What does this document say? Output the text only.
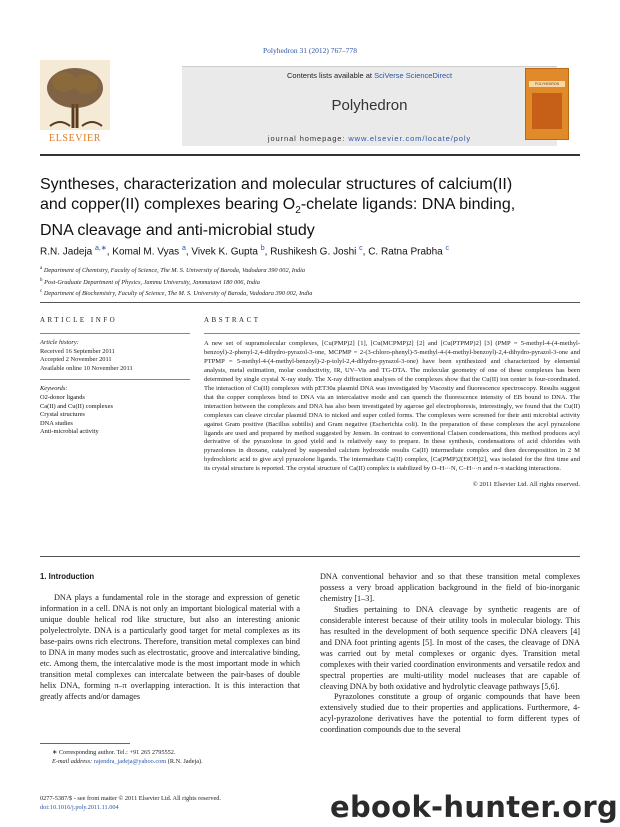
Polyhedron 31 (2012) 767–778
ELSEVIER
Contents lists available at SciVerse ScienceDirect
Polyhedron
journal homepage: www.elsevier.com/locate/poly
POLYHEDRON
Syntheses, characterization and molecular structures of calcium(II)
and copper(II) complexes bearing $O_2$-chelate ligands: DNA binding,
DNA cleavage and anti-microbial study
R.N. Jadeja $^{a,∗}$, Komal M. Vyas $^a$, Vivek K. Gupta $^b$, Rushikesh G. Joshi $^c$, C. Ratna Prabha $^c$
$^a$ Department of Chemistry, Faculty of Science, The M. S. University of Baroda, Vadodara 390 002, India
$^b$ Post-Graduate Department of Physics, Jammu University, Jammutawi 180 006, India
$^c$ Department of Biochemistry, Faculty of Science, The M. S. University of Baroda, Vadodara 390 002, India
ARTICLE INFO
Article history:
Received 16 September 2011
Accepted 2 November 2011
Available online 10 November 2011
Keywords:
O2-donor ligands
Ca(II) and Cu(II) complexes
Crystal structures
DNA studies
Anti-microbial activity
ABSTRACT
A new set of supramolecular complexes, [Cu(PMP)2] [1], [Cu(MCPMP)2] [2] and [Cu(PTPMP)2] [3] (PMP = 5-methyl-4-(4-methyl-benzoyl)-2-phenyl-2,4-dihydro-pyrazol-3-one, MCPMP = 2-(3-chloro-phenyl)-5-methyl-4-(4-methyl-benzoyl)-2,4-dihydro-pyrazol-3-one and PTPMP = 5-methyl-4-(4-methyl-benzoyl)-2-p-tolyl-2,4-dihydro-pyrazol-3-one) have been synthesized and characterized by elemental analysis, metal estimation, molar conductivity, IR, UV–Vis and TG-DTA. The molecular geometry of one of these complexes has been determined by single crystal X-ray study. The X-ray diffraction analyses of the complexes show that the Cu(II) ion center is four-coordinated. The interaction of Cu(II) complexes with pET30a plasmid DNA was investigated by Viscosity and fluorescence spectroscopy. Results suggest that the copper complexes bind to DNA via an intercalative mode and can quench the fluorescence intensity of EB bound to DNA. The interaction between the complexes and DNA has also been investigated by agarose gel electrophoresis, interestingly, we found that the Cu(II) complexes can cleave circular plasmid DNA to nicked and super coiled forms. The complexes were screened for their anti microbial activity against Gram positive (Bacillus subtilis) and Gram negative (Escherichia coli). In the preparation of these complexes the acyl pyrazolone ligands are used and prepared by method suggested by Jensen. In contrast to conventional Claisen condensations, this method produces acyl derivative of the pyrazolone in good yield and is relatively easy to prepare. In these synthesis, condensations of acid chlorides with pyrazolones in dioxane, catalyzed by suspended calcium hydroxide results Ca(II) intermediate complex and then decomposition in 2 M hydrochloric acid to give acyl pyrazolone ligands. The intermediate Ca(II) complex, [Ca(PMP)2(EtOH)2], was isolated for the first time and its crystal structure is reported. The crystal structure of Ca(II) complex is stabilized by O–H···N, C–H···π and π–π stacking interactions.
© 2011 Elsevier Ltd. All rights reserved.
1. Introduction

DNA plays a fundamental role in the storage and expression of genetic information in a cell. DNA is not only an important biological material with a unique double helical rod like structure, but also an interesting anionic polyelectrolyte. DNA is a particularly good target for metal complexes as its base-pairs owns rich electrons. Therefore, transition metal complexes can bind to DNA in many modes such as electrostatic, groove and intercalative binding, etc. Among them, the intercalative mode is the most important mode in which transition metal complexes can intercalate between the pair-bases of double helix DNA, forming π–π overlapping interaction. It is this interaction that greatly affects and/or damages

DNA conventional behavior and so that these transition metal complexes possess a very broad application background in the field of bio-inorganic chemistry [1–3].

Studies pertaining to DNA cleavage by synthetic reagents are of considerable interest because of their utility tools in molecular biology. This has resulted in the development of both sequence specific DNA cleavers [4] and DNA foot printing agents [5]. In most of the cases, the cleavage of DNA was carried out by metal complexes or organic dyes. Transition metal complexes with their varied coordination environments and versatile redox and spectral properties are multi-utility model nucleases that are capable of cleaving DNA by both oxidative and hydrolytic cleavage pathways [5,6].

Pyrazolones constitute a group of organic compounds that have been extensively studied due to their properties and applications. Furthermore, 4-acyl-pyrazolone derivatives have the potential to form different types of coordination compounds due to the several

∗ Corresponding author. Tel.: +91 265 2795552.
E-mail address: rajendra_jadeja@yahoo.com (R.N. Jadeja).
0277-5387/$ - see front matter © 2011 Elsevier Ltd. All rights reserved.
doi:10.1016/j.poly.2011.11.004	ebook-hunter.org
